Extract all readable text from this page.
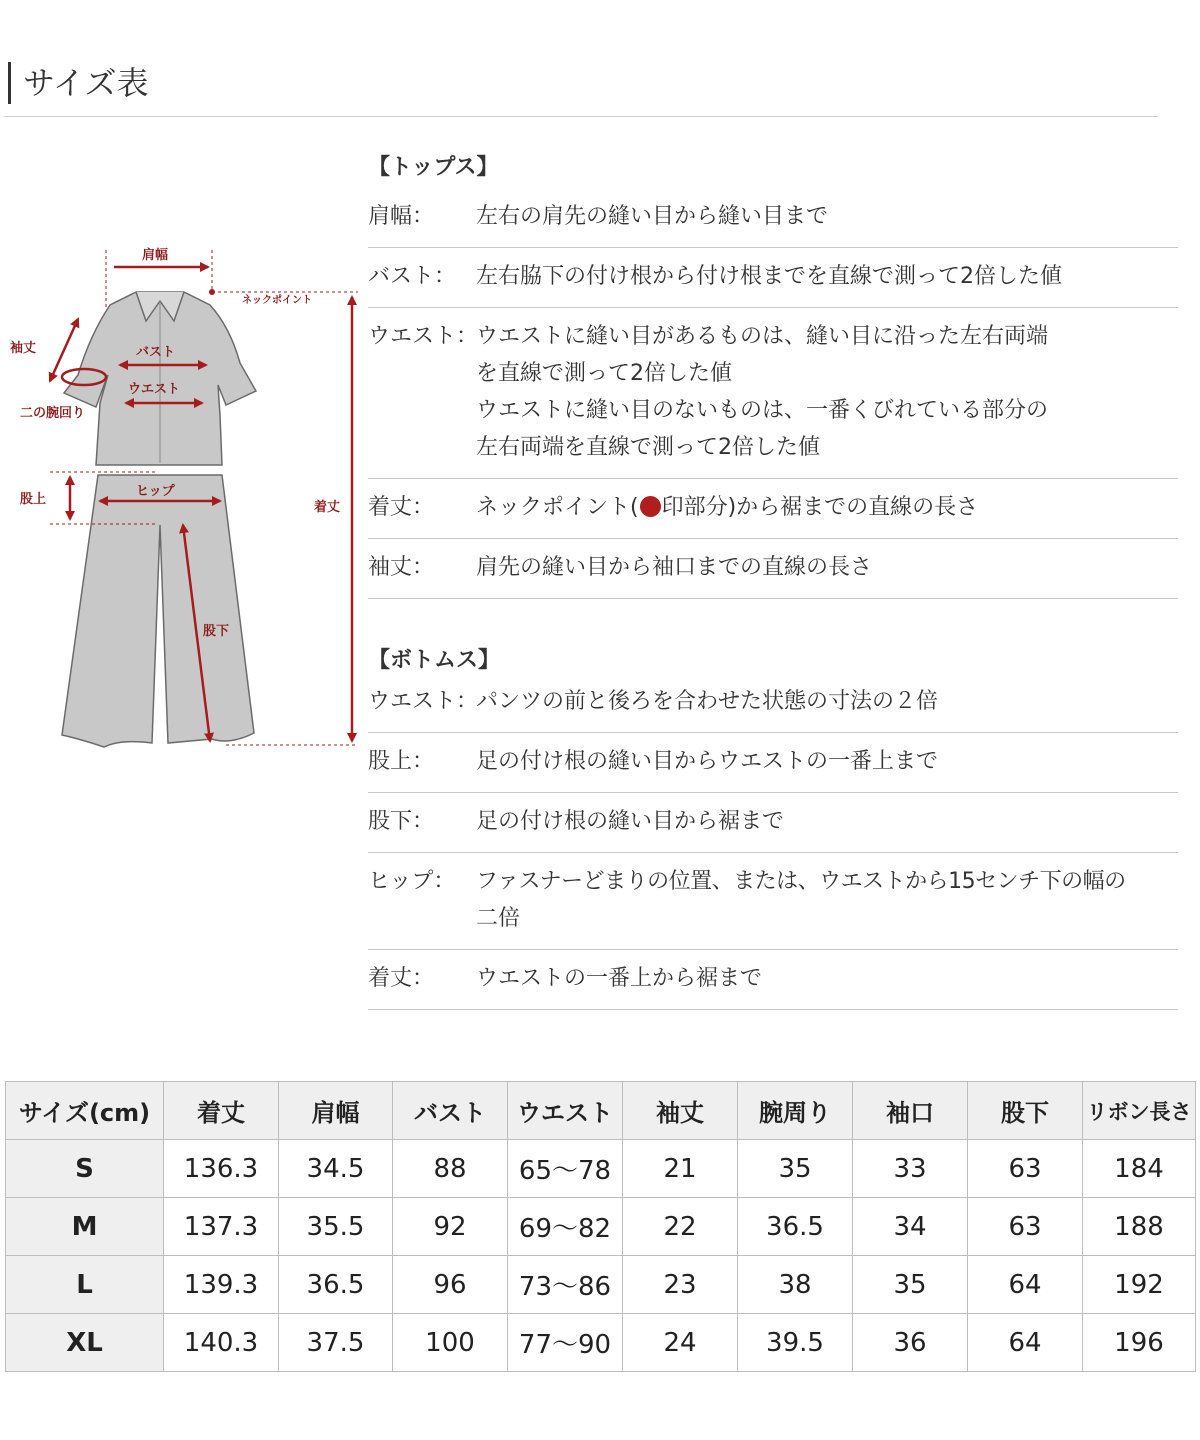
サイズ表
肩幅
ネックポイント
袖丈	バスト
ウエスト
二の腕回り
股上
ヒップ
着丈
股下
【トップス】
肩幅：	左右の肩先の縫い目から縫い目まで
バスト： 左右脇下の付け根から付け根までを直線で測って2倍した値
ウエスト：
ウエストに縫い目があるものは、縫い目に沿った左右両端
を直線で測って2倍した値
ウエストに縫い目のないものは、一番くびれている部分の
左右両端を直線で測って2倍した値
着丈：	ネックポイント( 印部分)から裾までの直線の長さ
袖丈：	肩先の縫い目から袖口までの直線の長さ
【ボトムス】
ウエスト：
パンツの前と後ろを合わせた状態の寸法の２倍
股上：	足の付け根の縫い目からウエストの一番上まで
股下：	足の付け根の縫い目から裾まで
ヒップ： ファスナーどまりの位置、または、ウエストから15センチ下の幅の
二倍
着丈：	ウエストの一番上から裾まで
サイズ(cm)	着丈	肩幅	バスト	ウエスト	袖丈	腕周り	袖口	股下	リボン長さ
S	136.3	34.5	88	65～78	21	35	33	63	184
M	137.3	35.5	92	69～82	22	36.5	34	63	188
L	139.3	36.5	96	73～86	23	38	35	64	192
XL	140.3	37.5	100	77～90	24	39.5	36	64	196
